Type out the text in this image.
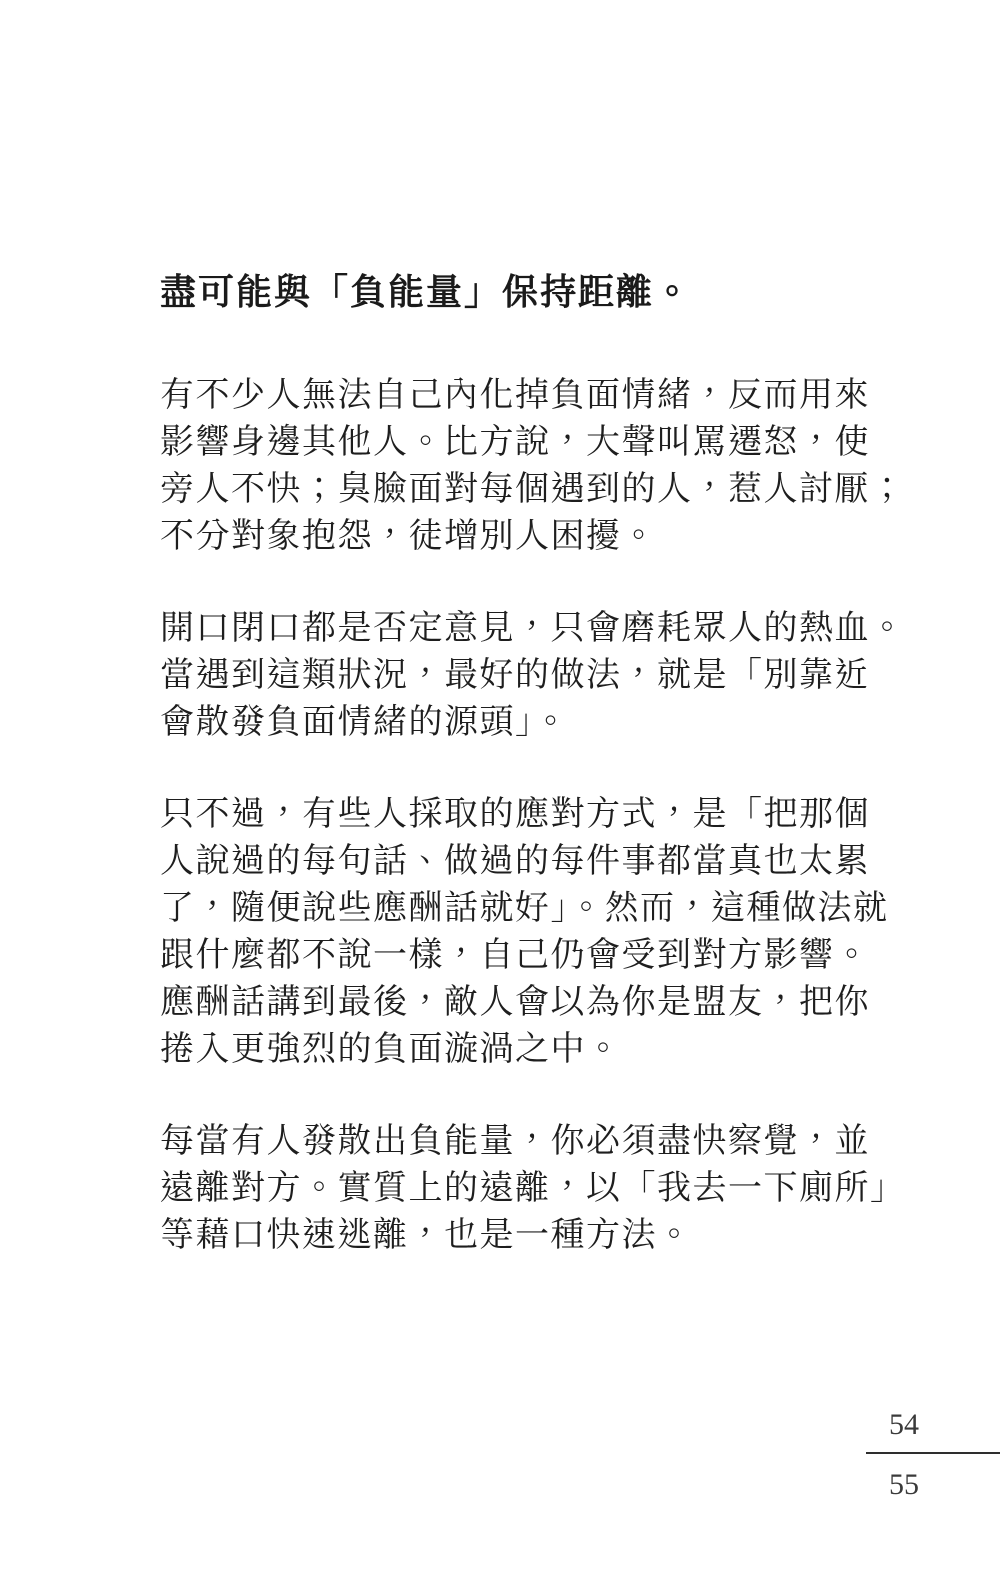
盡可能與「負能量」保持距離。

有不少人無法自己內化掉負面情緒，反而用來
影響身邊其他人。比方說，大聲叫罵遷怒，使
旁人不快；臭臉面對每個遇到的人，惹人討厭；
不分對象抱怨，徒增別人困擾。

開口閉口都是否定意見，只會磨耗眾人的熱血。
當遇到這類狀況，最好的做法，就是「別靠近
會散發負面情緒的源頭」。

只不過，有些人採取的應對方式，是「把那個
人說過的每句話、做過的每件事都當真也太累
了，隨便說些應酬話就好」。然而，這種做法就
跟什麼都不說一樣，自己仍會受到對方影響。
應酬話講到最後，敵人會以為你是盟友，把你
捲入更強烈的負面漩渦之中。

每當有人發散出負能量，你必須盡快察覺，並
遠離對方。實質上的遠離，以「我去一下廁所」
等藉口快速逃離，也是一種方法。

54
55
